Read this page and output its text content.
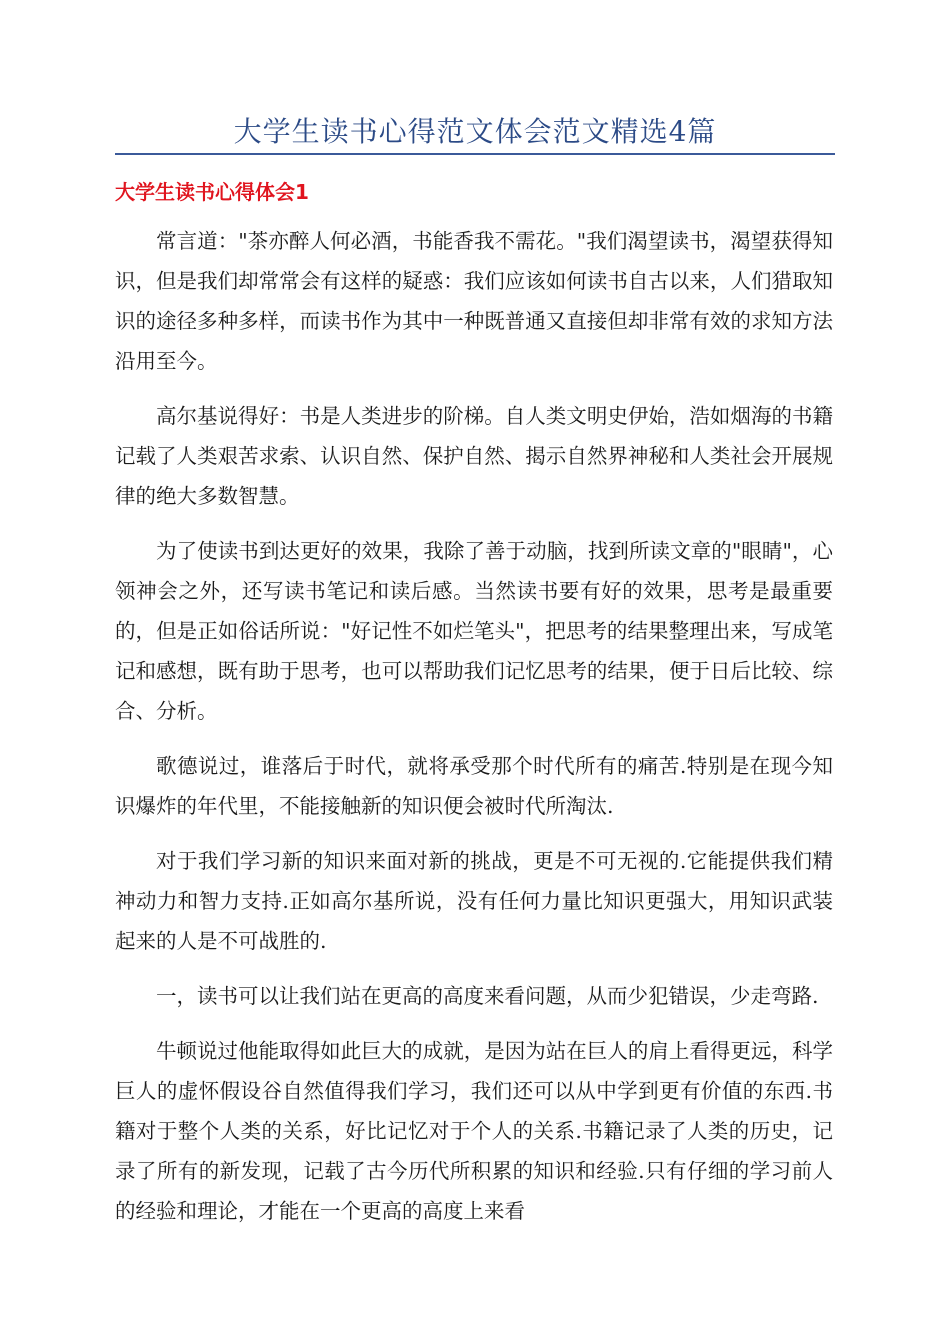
大学生读书心得范文体会范文精选4篇
大学生读书心得体会1

常言道："茶亦醉人何必酒，书能香我不需花。"我们渴望读书，渴望获得知识，但是我们却常常会有这样的疑惑：我们应该如何读书自古以来，人们猎取知识的途径多种多样，而读书作为其中一种既普通又直接但却非常有效的求知方法沿用至今。

高尔基说得好：书是人类进步的阶梯。自人类文明史伊始，浩如烟海的书籍记载了人类艰苦求索、认识自然、保护自然、揭示自然界神秘和人类社会开展规律的绝大多数智慧。

为了使读书到达更好的效果，我除了善于动脑，找到所读文章的"眼睛"，心领神会之外，还写读书笔记和读后感。当然读书要有好的效果，思考是最重要的，但是正如俗话所说："好记性不如烂笔头"，把思考的结果整理出来，写成笔记和感想，既有助于思考，也可以帮助我们记忆思考的结果，便于日后比较、综合、分析。

歌德说过，谁落后于时代，就将承受那个时代所有的痛苦.特别是在现今知识爆炸的年代里，不能接触新的知识便会被时代所淘汰.

对于我们学习新的知识来面对新的挑战，更是不可无视的.它能提供我们精神动力和智力支持.正如高尔基所说，没有任何力量比知识更强大，用知识武装起来的人是不可战胜的.

一，读书可以让我们站在更高的高度来看问题，从而少犯错误，少走弯路.

牛顿说过他能取得如此巨大的成就，是因为站在巨人的肩上看得更远，科学巨人的虚怀假设谷自然值得我们学习，我们还可以从中学到更有价值的东西.书籍对于整个人类的关系，好比记忆对于个人的关系.书籍记录了人类的历史，记录了所有的新发现，记载了古今历代所积累的知识和经验.只有仔细的学习前人的经验和理论，才能在一个更高的高度上来看
